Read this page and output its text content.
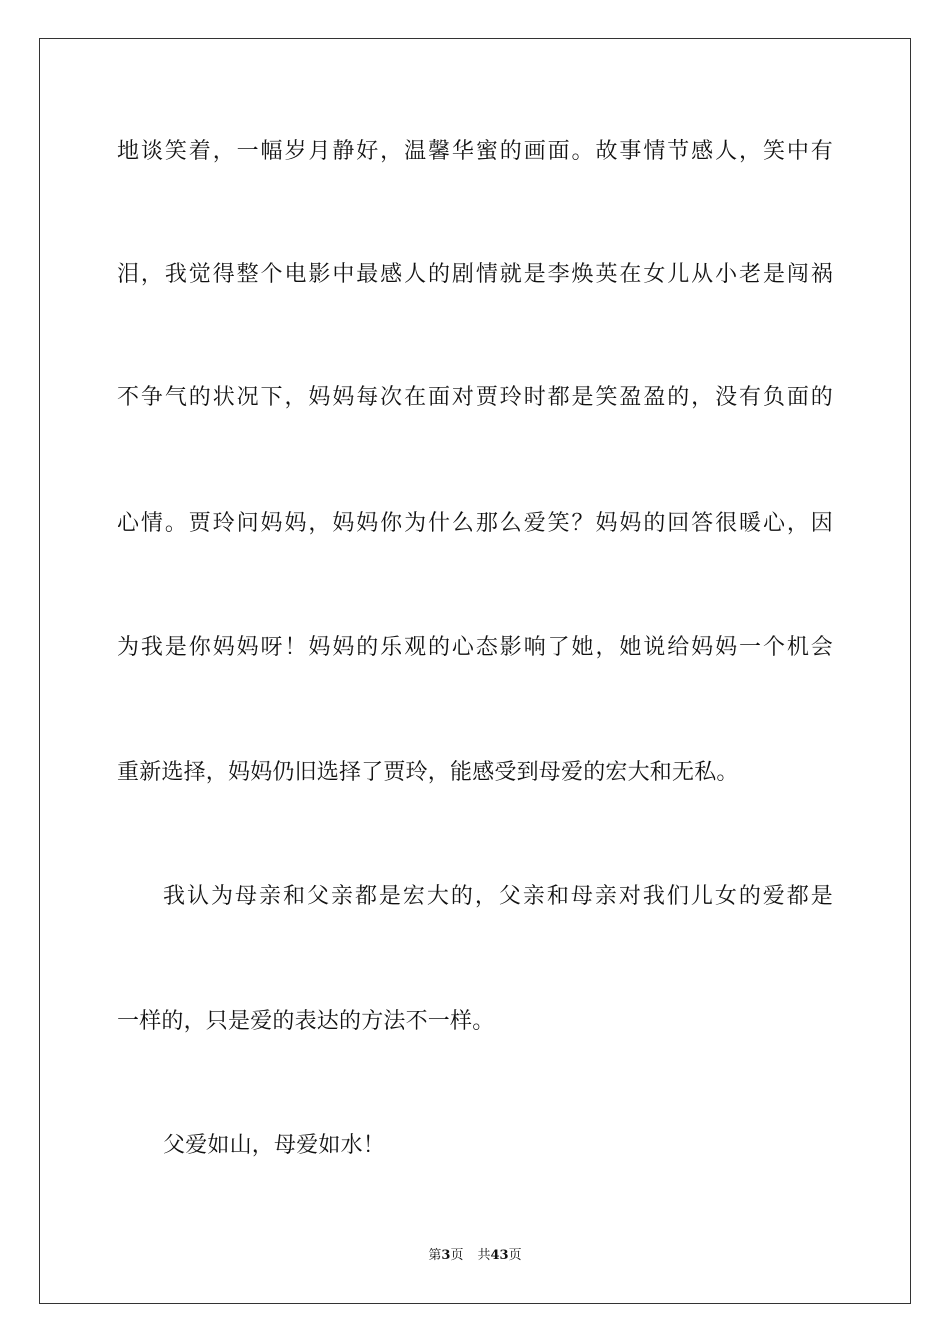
地谈笑着，一幅岁月静好，温馨华蜜的画面。故事情节感人，笑中有
泪，我觉得整个电影中最感人的剧情就是李焕英在女儿从小老是闯祸
不争气的状况下，妈妈每次在面对贾玲时都是笑盈盈的，没有负面的
心情。贾玲问妈妈，妈妈你为什么那么爱笑？妈妈的回答很暖心，因
为我是你妈妈呀！妈妈的乐观的心态影响了她，她说给妈妈一个机会
重新选择，妈妈仍旧选择了贾玲，能感受到母爱的宏大和无私。
我认为母亲和父亲都是宏大的，父亲和母亲对我们儿女的爱都是
一样的，只是爱的表达的方法不一样。
父爱如山，母爱如水！
第3页 共43页
